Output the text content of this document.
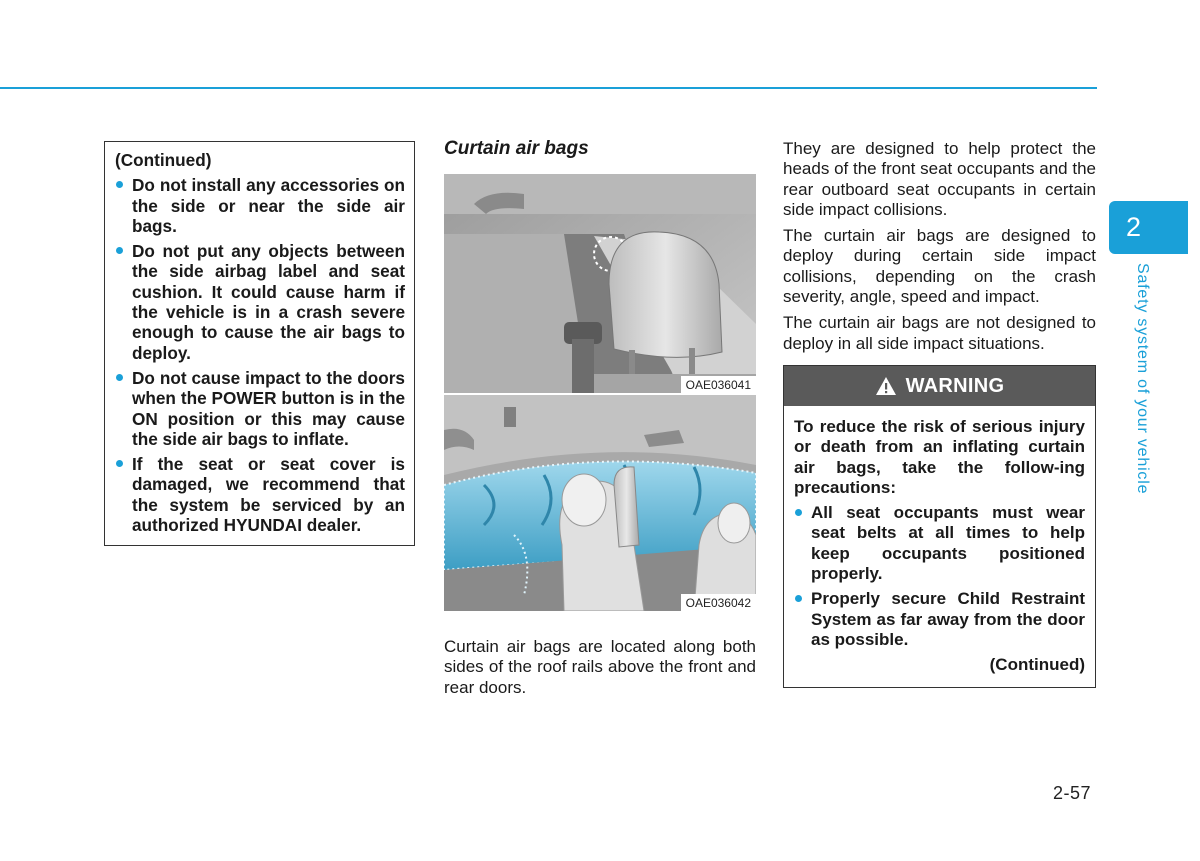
(Continued)
Do not install any accessories on the side or near the side air bags.
Do not put any objects between the side airbag label and seat cushion. It could cause harm if the vehicle is in a crash severe enough to cause the air bags to deploy.
Do not cause impact to the doors when the POWER button is in the ON position or this may cause the side air bags to inflate.
If the seat or seat cover is damaged, we recommend that the system be serviced by an authorized HYUNDAI dealer.
Curtain air bags
OAE036041
OAE036042

Curtain air bags are located along both sides of the roof rails above the front and rear doors.

They are designed to help protect the heads of the front seat occupants and the rear outboard seat occupants in certain side impact collisions.

The curtain air bags are designed to deploy during certain side impact collisions, depending on the crash severity, angle, speed and impact.

The curtain air bags are not designed to deploy in all side impact situations.

WARNING

To reduce the risk of serious injury or death from an inflating curtain air bags, take the follow-ing precautions:

All seat occupants must wear seat belts at all times to help keep occupants positioned properly.
Properly secure Child Restraint System as far away from the door as possible.
(Continued)
2
Safety system of your vehicle
2-57
